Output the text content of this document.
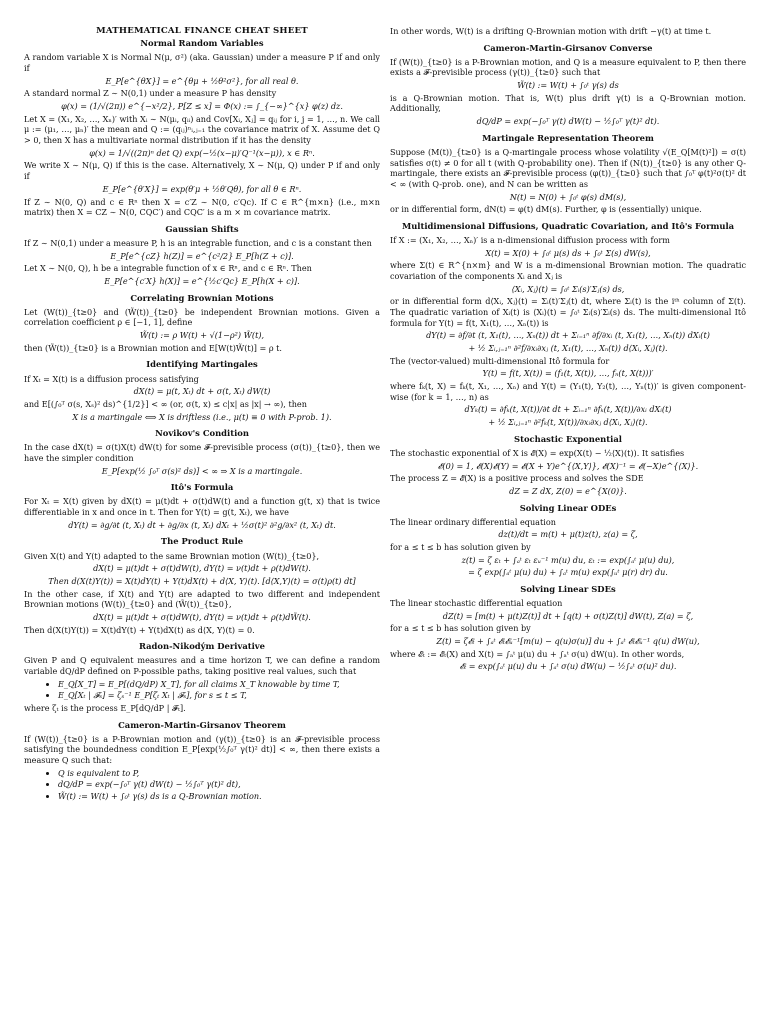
MATHEMATICAL FINANCE CHEAT SHEET
Normal Random Variables
A random variable X is Normal N(μ, σ²) (aka. Gaussian) under a measure P if and only if
E_P[e^{θX}] = e^{θμ + ½θ²σ²}, for all real θ.
A standard normal Z ∼ N(0,1) under a measure P has density
φ(x) = (1/√(2π)) e^{−x²/2}, P[Z ≤ x] = Φ(x) := ∫_{−∞}^{x} φ(z) dz.
Let X = (X₁, X₂, …, Xₙ)′ with Xᵢ ∼ N(μᵢ, qᵢᵢ) and Cov[Xᵢ, Xⱼ] = qᵢⱼ for i, j = 1, …, n. We call μ := (μ₁, …, μₙ)′ the mean and Q := (qᵢⱼ)ⁿᵢ,ⱼ₌₁ the covariance matrix of X. Assume det Q > 0, then X has a multivariate normal distribution if it has the density
φ(x) = 1/√((2π)ⁿ det Q) exp(−½(x−μ)′Q⁻¹(x−μ)), x ∈ Rⁿ.
We write X ∼ N(μ, Q) if this is the case. Alternatively, X ∼ N(μ, Q) under P if and only if
E_P[e^{θ′X}] = exp(θ′μ + ½θ′Qθ), for all θ ∈ Rⁿ.
If Z ∼ N(0, Q) and c ∈ Rⁿ then X = c′Z ∼ N(0, c′Qc). If C ∈ R^{m×n} (i.e., m×n matrix) then X = CZ ∼ N(0, CQC′) and CQC′ is a m × m covariance matrix.
Gaussian Shifts
If Z ∼ N(0,1) under a measure P, h is an integrable function, and c is a constant then
E_P[e^{cZ} h(Z)] = e^{c²/2} E_P[h(Z + c)].
Let X ∼ N(0, Q), h be a integrable function of x ∈ Rⁿ, and c ∈ Rⁿ. Then
E_P[e^{c′X} h(X)] = e^{½c′Qc} E_P[h(X + c)].
Correlating Brownian Motions
Let (W(t))_{t≥0} and (W̃(t))_{t≥0} be independent Brownian motions. Given a correlation coefficient ρ ∈ [−1, 1], define
W̃(t) := ρ W(t) + √(1−ρ²) W̃(t),
then (W̃(t))_{t≥0} is a Brownian motion and E[W(t)W̃(t)] = ρ t.
Identifying Martingales
If Xₜ = X(t) is a diffusion process satisfying
dX(t) = μ(t, Xₜ) dt + σ(t, Xₜ) dW(t)
and E[(∫₀ᵀ σ(s, Xₛ)² ds)^{1/2}] < ∞ (or, σ(t, x) ≤ c|x| as |x| → ∞), then
X is a martingale ⟺ X is driftless (i.e., μ(t) ≡ 0 with P-prob. 1).
Novikov's Condition
In the case dX(t) = σ(t)X(t) dW(t) for some 𝓕-previsible process (σ(t))_{t≥0}, then we have the simpler condition
E_P[exp(½ ∫₀ᵀ σ(s)² ds)] < ∞ ⇒ X is a martingale.
Itô's Formula
For Xₜ = X(t) given by dX(t) = μ(t)dt + σ(t)dW(t) and a function g(t, x) that is twice differentiable in x and once in t. Then for Y(t) = g(t, Xₜ), we have
dY(t) = ∂g/∂t (t, Xₜ) dt + ∂g/∂x (t, Xₜ) dXₜ + ½σ(t)² ∂²g/∂x² (t, Xₜ) dt.
The Product Rule
Given X(t) and Y(t) adapted to the same Brownian motion (W(t))_{t≥0},
dX(t) = μ(t)dt + σ(t)dW(t), dY(t) = ν(t)dt + ρ(t)dW(t).
Then d(X(t)Y(t)) = X(t)dY(t) + Y(t)dX(t) + d⟨X, Y⟩(t). [d⟨X,Y⟩(t) = σ(t)ρ(t) dt]
In the other case, if X(t) and Y(t) are adapted to two different and independent Brownian motions (W(t))_{t≥0} and (W̃(t))_{t≥0},
dX(t) = μ(t)dt + σ(t)dW(t), dY(t) = ν(t)dt + ρ(t)dW̃(t).
Then d(X(t)Y(t)) = X(t)dY(t) + Y(t)dX(t) as d⟨X, Y⟩(t) = 0.
Radon-Nikodým Derivative
Given P and Q equivalent measures and a time horizon T, we can define a random variable dQ/dP defined on P-possible paths, taking positive real values, such that
• E_Q[X_T] = E_P[(dQ/dP) X_T], for all claims X_T knowable by time T,
• E_Q[Xₜ | 𝓕ₛ] = ζₛ⁻¹ E_P[ζₜ Xₜ | 𝓕ₛ], for s ≤ t ≤ T,
where ζₜ is the process E_P[dQ/dP | 𝓕ₜ].
Cameron-Martin-Girsanov Theorem
If (W(t))_{t≥0} is a P-Brownian motion and (γ(t))_{t≥0} is an 𝓕-previsible process satisfying the boundedness condition E_P[exp(½∫₀ᵀ γ(t)² dt)] < ∞, then there exists a measure Q such that:
• Q is equivalent to P,
• dQ/dP = exp(−∫₀ᵀ γ(t) dW(t) − ½∫₀ᵀ γ(t)² dt),
• W̃(t) := W(t) + ∫₀ᵗ γ(s) ds is a Q-Brownian motion.
In other words, W(t) is a drifting Q-Brownian motion with drift −γ(t) at time t.
Cameron-Martin-Girsanov Converse
If (W(t))_{t≥0} is a P-Brownian motion, and Q is a measure equivalent to P, then there exists a 𝓕-previsible process (γ(t))_{t≥0} such that
W̃(t) := W(t) + ∫₀ᵗ γ(s) ds
is a Q-Brownian motion. That is, W(t) plus drift γ(t) is a Q-Brownian motion. Additionally,
dQ/dP = exp(−∫₀ᵀ γ(t) dW(t) − ½∫₀ᵀ γ(t)² dt).
Martingale Representation Theorem
Suppose (M(t))_{t≥0} is a Q-martingale process whose volatility √(E_Q[M(t)²]) = σ(t) satisfies σ(t) ≠ 0 for all t (with Q-probability one). Then if (N(t))_{t≥0} is any other Q-martingale, there exists an 𝓕-previsible process (φ(t))_{t≥0} such that ∫₀ᵀ φ(t)²σ(t)² dt < ∞ (with Q-prob. one), and N can be written as
N(t) = N(0) + ∫₀ᵗ φ(s) dM(s),
or in differential form, dN(t) = φ(t) dM(s). Further, φ is (essentially) unique.
Multidimensional Diffusions, Quadratic Covariation, and Itô's Formula
If X := (X₁, X₂, …, Xₙ)′ is a n-dimensional diffusion process with form
X(t) = X(0) + ∫₀ᵗ μ(s) ds + ∫₀ᵗ Σ(s) dW(s),
where Σ(t) ∈ R^{n×m} and W is a m-dimensional Brownian motion. The quadratic covariation of the components Xᵢ and Xⱼ is
⟨Xᵢ, Xⱼ⟩(t) = ∫₀ᵗ Σᵢ(s)′Σⱼ(s) ds,
or in differential form d⟨Xᵢ, Xⱼ⟩(t) = Σᵢ(t)′Σⱼ(t) dt, where Σᵢ(t) is the iᵗʰ column of Σ(t). The quadratic variation of Xᵢ(t) is ⟨Xᵢ⟩(t) = ∫₀ᵗ Σᵢ(s)′Σᵢ(s) ds. The multi-dimensional Itô formula for Y(t) = f(t, X₁(t), …, Xₙ(t)) is
dY(t) = ∂f/∂t (t, X₁(t), …, Xₙ(t)) dt + Σᵢ₌₁ⁿ ∂f/∂xᵢ (t, X₁(t), …, Xₙ(t)) dXᵢ(t)
+ ½ Σᵢ,ⱼ₌₁ⁿ ∂²f/∂xᵢ∂xⱼ (t, X₁(t), …, Xₙ(t)) d⟨Xᵢ, Xⱼ⟩(t).
The (vector-valued) multi-dimensional Itô formula for
Y(t) = f(t, X(t)) = (f₁(t, X(t)), …, fₙ(t, X(t)))′
where fₖ(t, X) = fₖ(t, X₁, …, Xₙ) and Y(t) = (Y₁(t), Y₂(t), …, Yₙ(t))′ is given component-wise (for k = 1, …, n) as
dYₖ(t) = ∂fₖ(t, X(t))/∂t dt + Σᵢ₌₁ⁿ ∂fₖ(t, X(t))/∂xᵢ dXᵢ(t)
+ ½ Σᵢ,ⱼ₌₁ⁿ ∂²fₖ(t, X(t))/∂xᵢ∂xⱼ d⟨Xᵢ, Xⱼ⟩(t).
Stochastic Exponential
The stochastic exponential of X is 𝓔(X) = exp(X(t) − ½⟨X⟩(t)). It satisfies
𝓔(0) = 1, 𝓔(X)𝓔(Y) = 𝓔(X + Y)e^{⟨X,Y⟩}, 𝓔(X)⁻¹ = 𝓔(−X)e^{⟨X⟩}.
The process Z = 𝓔(X) is a positive process and solves the SDE
dZ = Z dX, Z(0) = e^{X(0)}.
Solving Linear ODEs
The linear ordinary differential equation
dz(t)/dt = m(t) + μ(t)z(t), z(a) = ζ,
for a ≤ t ≤ b has solution given by
z(t) = ζ εₜ + ∫ₐᵗ εₜ εᵤ⁻¹ m(u) du, εₜ := exp(∫ₐᵗ μ(u) du),
= ζ exp(∫ₐᵗ μ(u) du) + ∫ₐᵗ m(u) exp(∫ᵤᵗ μ(r) dr) du.
Solving Linear SDEs
The linear stochastic differential equation
dZ(t) = [m(t) + μ(t)Z(t)] dt + [q(t) + σ(t)Z(t)] dW(t), Z(a) = ζ,
for a ≤ t ≤ b has solution given by
Z(t) = ζ𝓔ₜ + ∫ₐᵗ 𝓔ₜ𝓔ᵤ⁻¹[m(u) − q(u)σ(u)] du + ∫ₐᵗ 𝓔ₜ𝓔ᵤ⁻¹ q(u) dW(u),
where 𝓔ₜ := 𝓔ₜ(X) and X(t) = ∫ₐᵗ μ(u) du + ∫ₐᵗ σ(u) dW(u). In other words,
𝓔ₜ = exp(∫ₐᵗ μ(u) du + ∫ₐᵗ σ(u) dW(u) − ½∫ₐᵗ σ(u)² du).
